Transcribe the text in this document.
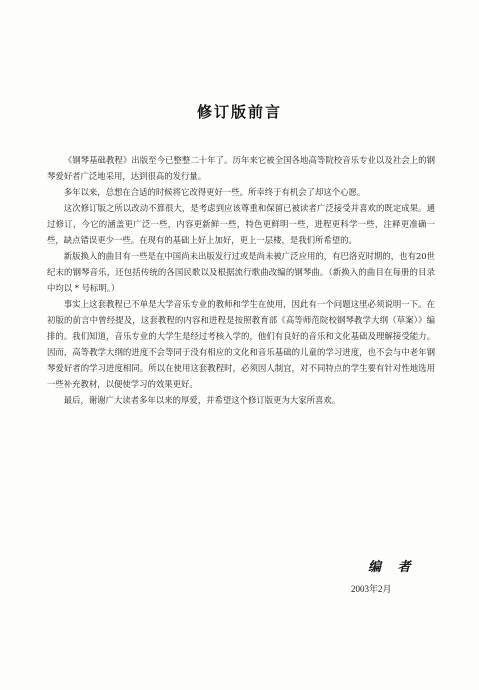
修订版前言

《钢琴基础教程》出版至今已整整二十年了。历年来它被全国各地高等院校音乐专业以及社会上的钢琴爱好者广泛地采用，达到很高的发行量。

多年以来，总想在合适的时候将它改得更好一些。所幸终于有机会了却这个心愿。

这次修订版之所以改动不算很大，是考虑到应该尊重和保留已被读者广泛接受并喜欢的既定成果。通过修订，今它的涵盖更广泛一些，内容更新鲜一些，特色更鲜明一些，进程更科学一些，注释更准确一些，缺点错误更少一些。在现有的基础上好上加好，更上一层楼，是我们所希望的。

新版换入的曲目有一些是在中国尚未出版发行过或是尚未被广泛应用的，有巴洛克时期的，也有20世纪末的钢琴音乐，还包括传统的各国民歌以及根据流行歌曲改编的钢琴曲。（新换入的曲目在每册的目录中均以 * 号标明。）

事实上这套教程已不单是大学音乐专业的教师和学生在使用，因此有一个问题这里必须说明一下。在初版的前言中曾经提及，这套教程的内容和进程是按照教育部《高等师范院校钢琴教学大纲（草案）》编排的。我们知道，音乐专业的大学生是经过考核入学的，他们有良好的音乐和文化基础及理解接受能力。因而，高等教学大纲的进度不会等同于没有相应的文化和音乐基础的儿童的学习进度，也不会与中老年钢琴爱好者的学习进度相同。所以在使用这套教程时，必须因人制宜，对不同特点的学生要有针对性地选用一些补充教材，以便使学习的效果更好。

最后，谢谢广大读者多年以来的厚爱，并希望这个修订版更为大家所喜欢。

编 者
2003年2月
